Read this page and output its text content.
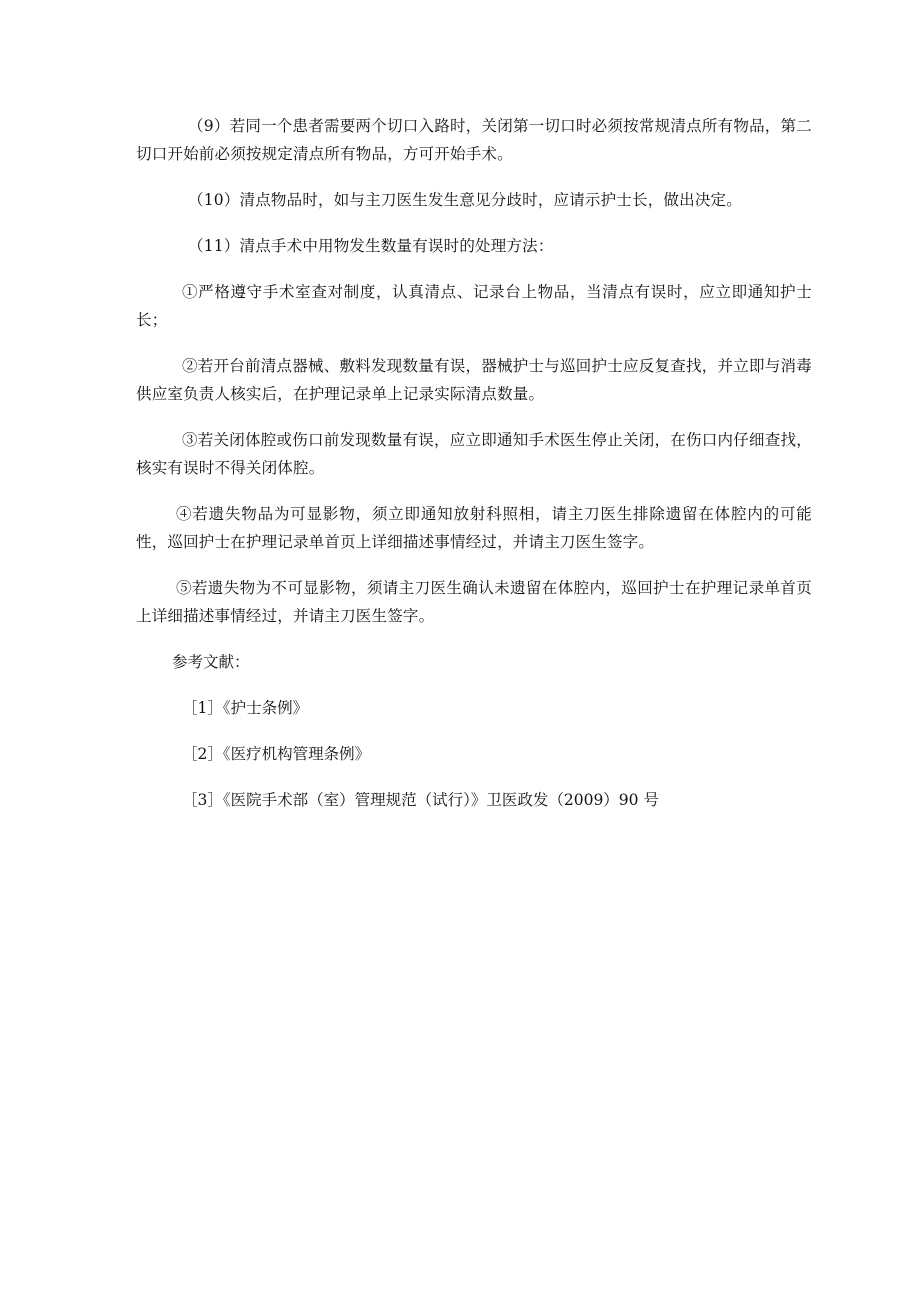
（9）若同一个患者需要两个切口入路时，关闭第一切口时必须按常规清点所有物品，第二切口开始前必须按规定清点所有物品，方可开始手术。

（10）清点物品时，如与主刀医生发生意见分歧时，应请示护士长，做出决定。

（11）清点手术中用物发生数量有误时的处理方法：

①严格遵守手术室查对制度，认真清点、记录台上物品，当清点有误时，应立即通知护士长；

②若开台前清点器械、敷料发现数量有误，器械护士与巡回护士应反复查找，并立即与消毒供应室负责人核实后，在护理记录单上记录实际清点数量。

③若关闭体腔或伤口前发现数量有误，应立即通知手术医生停止关闭，在伤口内仔细查找，核实有误时不得关闭体腔。

④若遗失物品为可显影物，须立即通知放射科照相，请主刀医生排除遗留在体腔内的可能性，巡回护士在护理记录单首页上详细描述事情经过，并请主刀医生签字。

⑤若遗失物为不可显影物，须请主刀医生确认未遗留在体腔内，巡回护士在护理记录单首页上详细描述事情经过，并请主刀医生签字。

参考文献：

［1］《护士条例》

［2］《医疗机构管理条例》

［3］《医院手术部（室）管理规范（试行）》卫医政发（2009）90 号
